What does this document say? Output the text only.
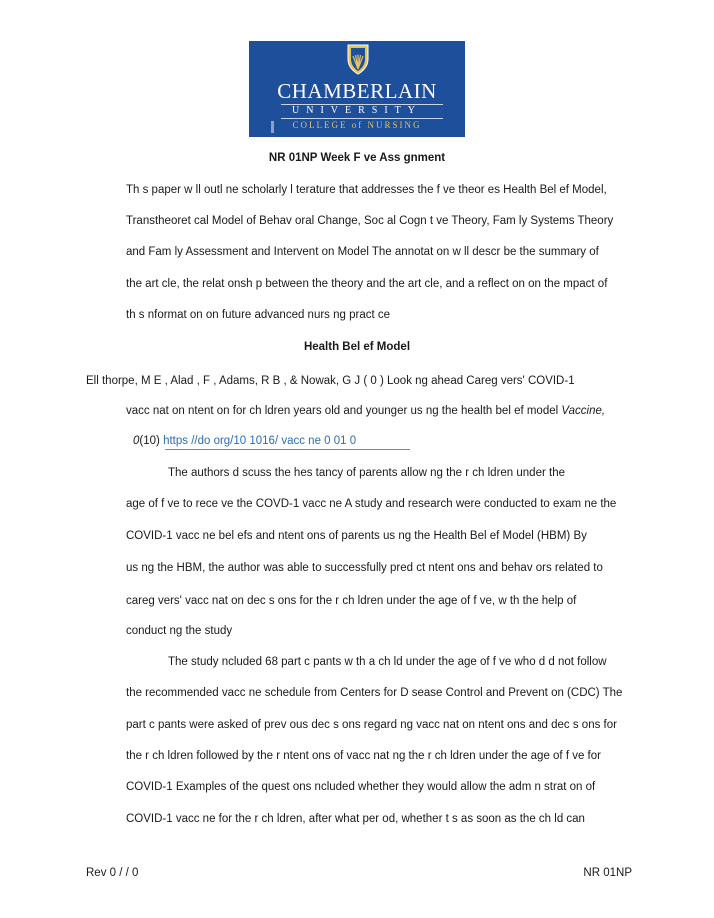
CHAMBERLAIN
UNIVERSITY
COLLEGE of NURSING
NR 01NP Week F ve Ass gnment
Th s paper w ll outl ne scholarly l terature that addresses the f ve theor es Health Bel ef Model,
Transtheoret cal Model of Behav oral Change, Soc al Cogn t ve Theory, Fam ly Systems Theory
and Fam ly Assessment and Intervent on Model The annotat on w ll descr be the summary of
the art cle, the relat onsh p between the theory and the art cle, and a reflect on on the mpact of
th s nformat on on future advanced nurs ng pract ce
Health Bel ef Model
Ell thorpe, M E , Alad , F , Adams, R B , & Nowak, G J ( 0 ) Look ng ahead Careg vers' COVID-1
vacc nat on ntent on for ch ldren years old and younger us ng the health bel ef model Vaccine,
0(10) https //do org/10 1016/ vacc ne 0 01 0
The authors d scuss the hes tancy of parents allow ng the r ch ldren under the
age of f ve to rece ve the COVD-1 vacc ne A study and research were conducted to exam ne the
COVID-1 vacc ne bel efs and ntent ons of parents us ng the Health Bel ef Model (HBM) By
us ng the HBM, the author was able to successfully pred ct ntent ons and behav ors related to
careg vers' vacc nat on dec s ons for the r ch ldren under the age of f ve, w th the help of
conduct ng the study
The study ncluded 68 part c pants w th a ch ld under the age of f ve who d d not follow
the recommended vacc ne schedule from Centers for D sease Control and Prevent on (CDC) The
part c pants were asked of prev ous dec s ons regard ng vacc nat on ntent ons and dec s ons for
the r ch ldren followed by the r ntent ons of vacc nat ng the r ch ldren under the age of f ve for
COVID-1 Examples of the quest ons ncluded whether they would allow the adm n strat on of
COVID-1 vacc ne for the r ch ldren, after what per od, whether t s as soon as the ch ld can
Rev 0 / / 0	NR 01NP
